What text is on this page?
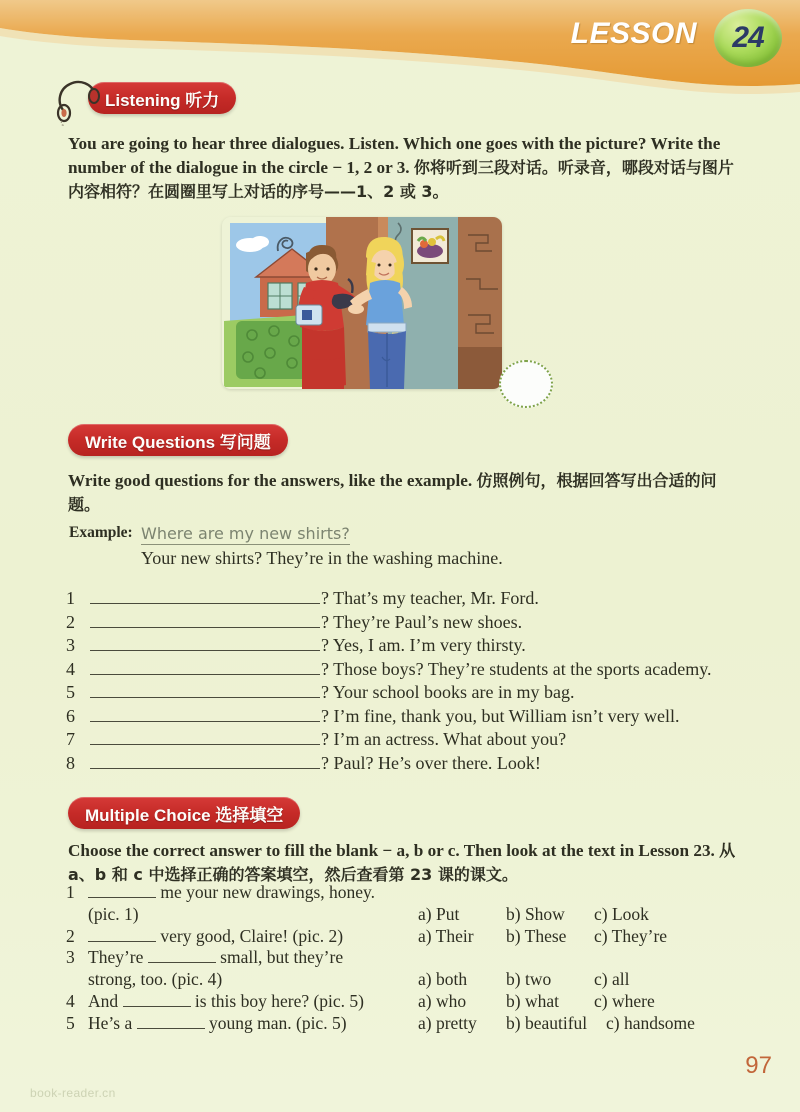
LESSON 24
Listening 听力
You are going to hear three dialogues. Listen. Which one goes with the picture? Write the number of the dialogue in the circle − 1, 2 or 3. 你将听到三段对话。听录音，哪段对话与图片内容相符？在圆圈里写上对话的序号——1、2 或 3。
Write Questions 写问题
Write good questions for the answers, like the example. 仿照例句，根据回答写出合适的问题。
Example: Where are my new shirts?
Your new shirts? They’re in the washing machine.
1	? That’s my teacher, Mr. Ford.
2	? They’re Paul’s new shoes.
3	? Yes, I am. I’m very thirsty.
4	? Those boys? They’re students at the sports academy.
5	? Your school books are in my bag.
6	? I’m fine, thank you, but William isn’t very well.
7	? I’m an actress. What about you?
8	? Paul? He’s over there. Look!
Multiple Choice 选择填空
Choose the correct answer to fill the blank − a, b or c. Then look at the text in Lesson 23. 从 a、b 和 c 中选择正确的答案填空，然后查看第 23 课的课文。
1	me your new drawings, honey.
(pic. 1)	a) Put	b) Show	c) Look
2	very good, Claire! (pic. 2)	a) Their	b) These	c) They’re
3 They’re	small, but they’re
strong, too. (pic. 4)	a) both	b) two	c) all
4 And	is this boy here? (pic. 5)	a) who	b) what	c) where
5 He’s a	young man. (pic. 5)	a) pretty	b) beautiful	c) handsome
97
book-reader.cn
